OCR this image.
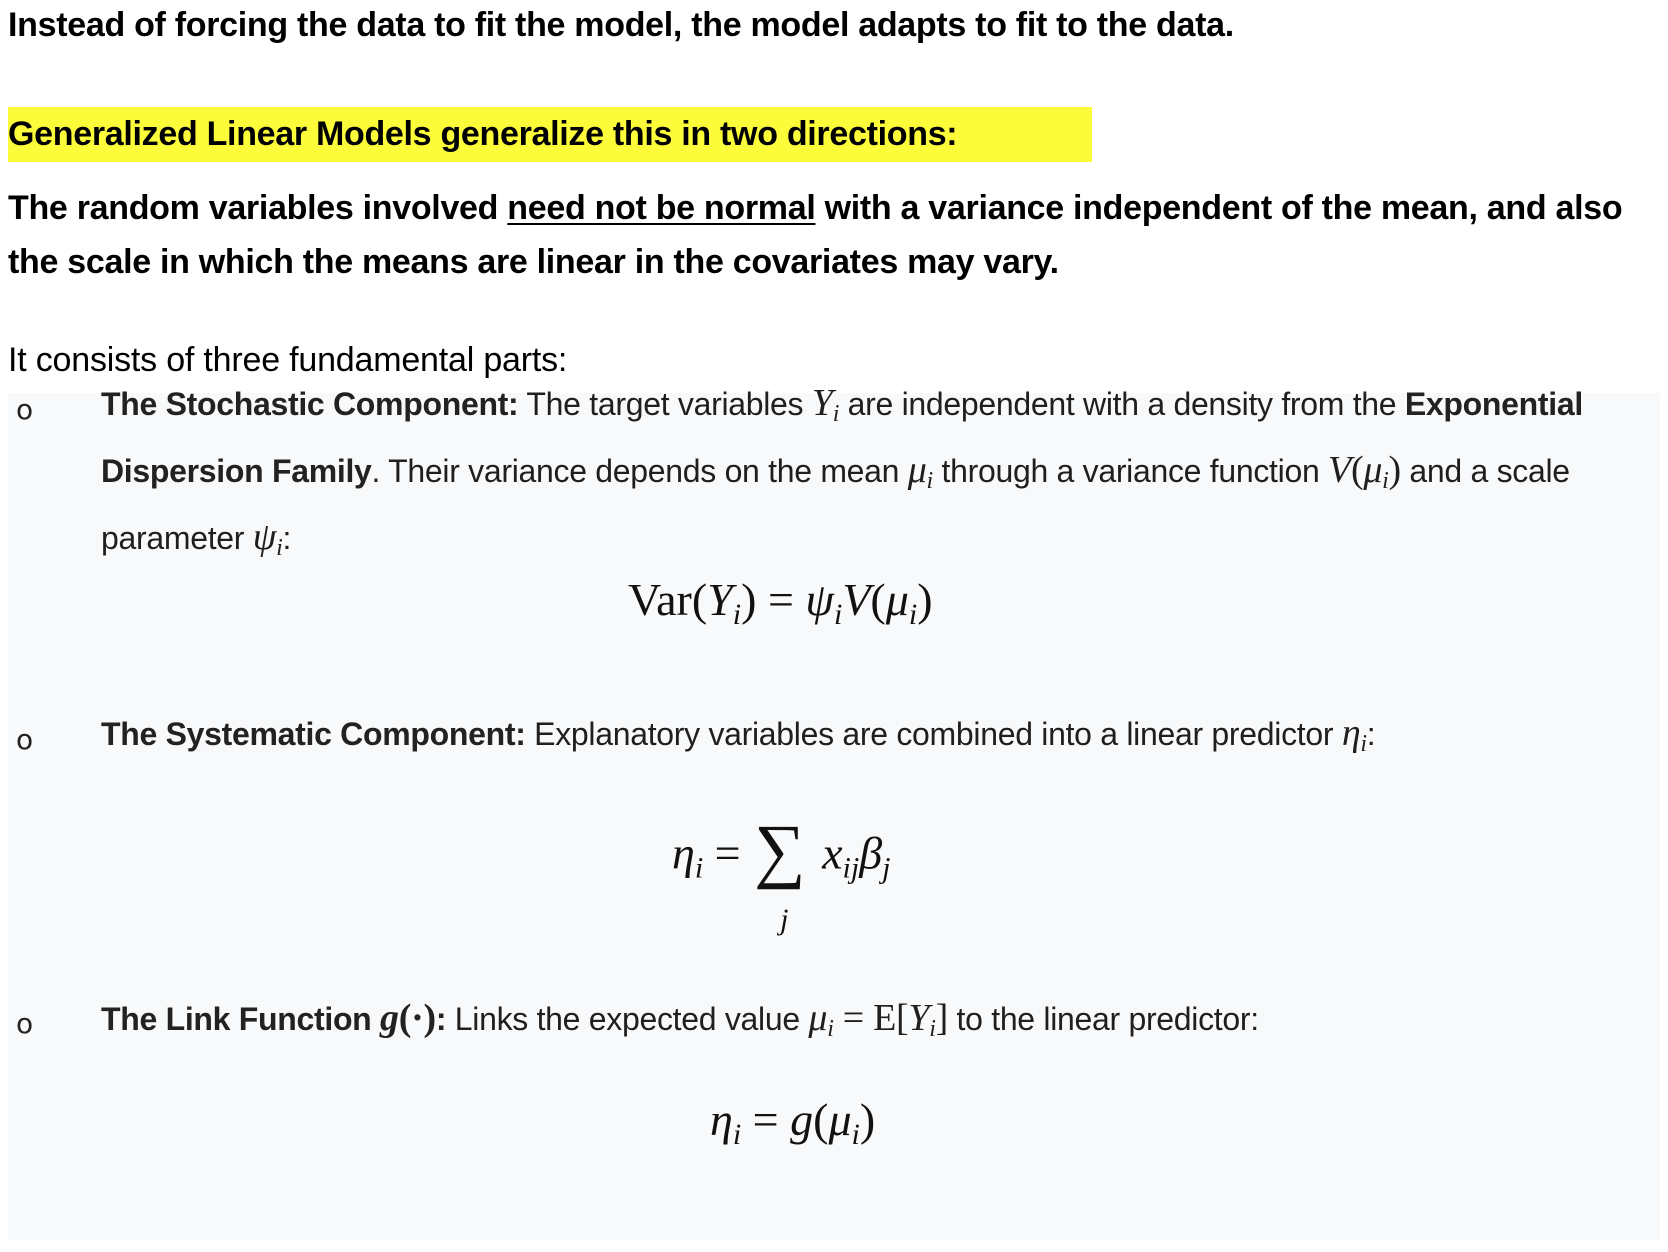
Instead of forcing the data to fit the model, the model adapts to fit to the data.
Generalized Linear Models generalize this in two directions:
The random variables involved need not be normal with a variance independent of the mean, and also the scale in which the means are linear in the covariates may vary.
It consists of three fundamental parts:
o The Stochastic Component: The target variables $Y_i$ are independent with a density from the Exponential Dispersion Family. Their variance depends on the mean $\mu_i$ through a variance function $V(\mu_i)$ and a scale parameter $\psi_i$:
Var(Yi) = ψiV(μi)
o The Systematic Component: Explanatory variables are combined into a linear predictor $\eta_i$:
ηi = ∑
j
xijβj
o The Link Function g(·): Links the expected value $\mu_i = E[Y_i]$ to the linear predictor:
ηi = g(μi)
